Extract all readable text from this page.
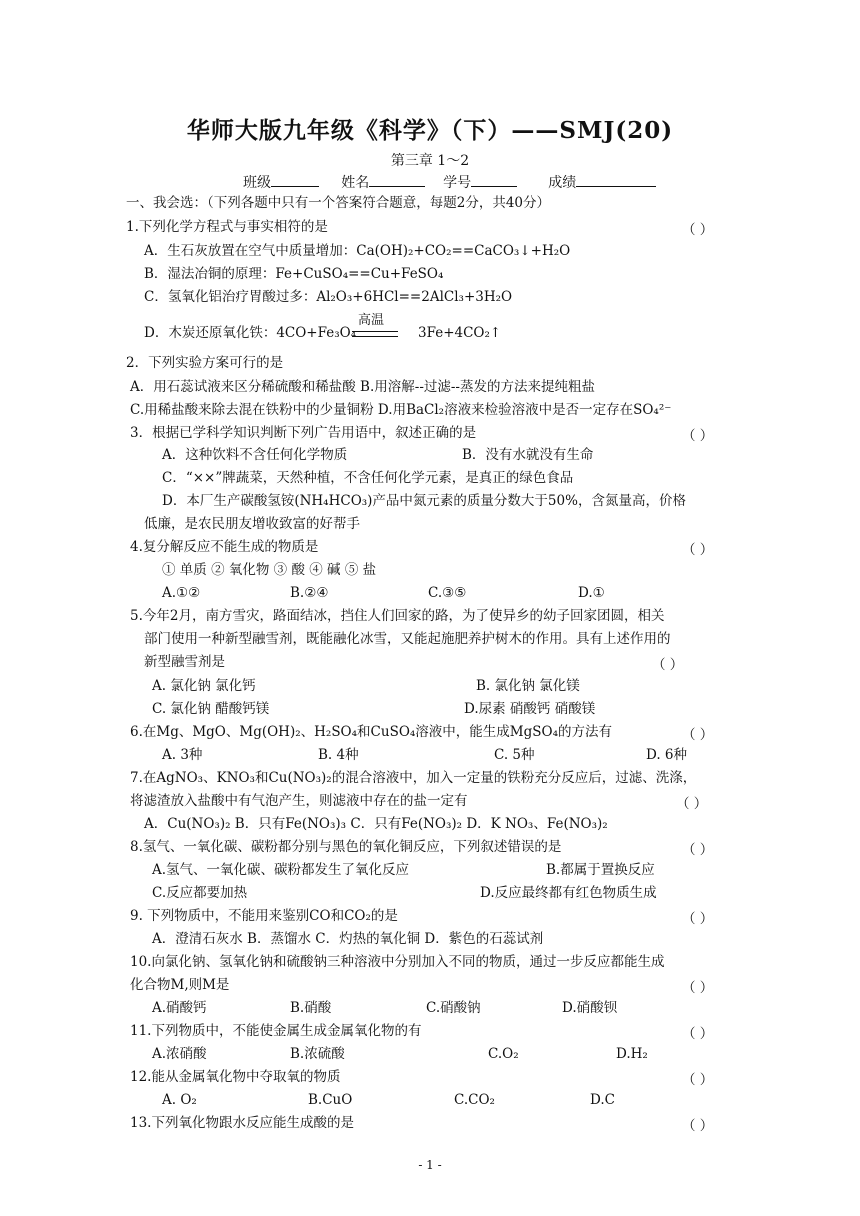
华师大版九年级《科学》（下）——SMJ(20)
第三章 1～2
班级	姓名	学号	成绩
一、我会选：（下列各题中只有一个答案符合题意，每题2分，共40分）
1.下列化学方程式与事实相符的是	（ ）
A．生石灰放置在空气中质量增加：Ca(OH)₂+CO₂==CaCO₃↓+H₂O
B．湿法冶铜的原理：Fe+CuSO₄==Cu+FeSO₄
C．氢氧化铝治疗胃酸过多：Al₂O₃+6HCl==2AlCl₃+3H₂O
D．木炭还原氧化铁：4CO+Fe₃O₄
高温
3Fe+4CO₂↑
2．下列实验方案可行的是
A．用石蕊试液来区分稀硫酸和稀盐酸 B.用溶解--过滤--蒸发的方法来提纯粗盐
C.用稀盐酸来除去混在铁粉中的少量铜粉 D.用BaCl₂溶液来检验溶液中是否一定存在SO₄²⁻
3．根据已学科学知识判断下列广告用语中，叙述正确的是	（ ）
A．这种饮料不含任何化学物质	B．没有水就没有生命
C．“××”牌蔬菜，天然种植，不含任何化学元素，是真正的绿色食品
D．本厂生产碳酸氢铵(NH₄HCO₃)产品中氮元素的质量分数大于50%，含氮量高，价格
低廉，是农民朋友增收致富的好帮手
4.复分解反应不能生成的物质是	（ ）
① 单质 ② 氧化物 ③ 酸 ④ 碱 ⑤ 盐
A.①②	B.②④	C.③⑤	D.①
5.今年2月，南方雪灾，路面结冰，挡住人们回家的路，为了使异乡的幼子回家团圆，相关
部门使用一种新型融雪剂，既能融化冰雪，又能起施肥养护树木的作用。具有上述作用的
新型融雪剂是	（ ）
A. 氯化钠 氯化钙	B. 氯化钠 氯化镁
C. 氯化钠 醋酸钙镁	D.尿素 硝酸钙 硝酸镁
6.在Mg、MgO、Mg(OH)₂、H₂SO₄和CuSO₄溶液中，能生成MgSO₄的方法有	（ ）
A. 3种	B. 4种	C. 5种	D. 6种
7.在AgNO₃、KNO₃和Cu(NO₃)₂的混合溶液中，加入一定量的铁粉充分反应后，过滤、洗涤，
将滤渣放入盐酸中有气泡产生，则滤液中存在的盐一定有	（ ）
A．Cu(NO₃)₂ B．只有Fe(NO₃)₃ C．只有Fe(NO₃)₂ D．K NO₃、Fe(NO₃)₂
8.氢气、一氧化碳、碳粉都分别与黑色的氧化铜反应，下列叙述错误的是	（ ）
A.氢气、一氧化碳、碳粉都发生了氧化反应	B.都属于置换反应
C.反应都要加热	D.反应最终都有红色物质生成
9. 下列物质中，不能用来鉴别CO和CO₂的是	（ ）
A．澄清石灰水 B．蒸馏水 C．灼热的氧化铜 D．紫色的石蕊试剂
10.向氯化钠、氢氧化钠和硫酸钠三种溶液中分别加入不同的物质，通过一步反应都能生成
化合物M,则M是	（ ）
A.硝酸钙	B.硝酸	C.硝酸钠	D.硝酸钡
11.下列物质中，不能使金属生成金属氧化物的有	（ ）
A.浓硝酸	B.浓硫酸	C.O₂	D.H₂
12.能从金属氧化物中夺取氧的物质	（ ）
A. O₂	B.CuO	C.CO₂	D.C
13.下列氧化物跟水反应能生成酸的是	（ ）
- 1 -
